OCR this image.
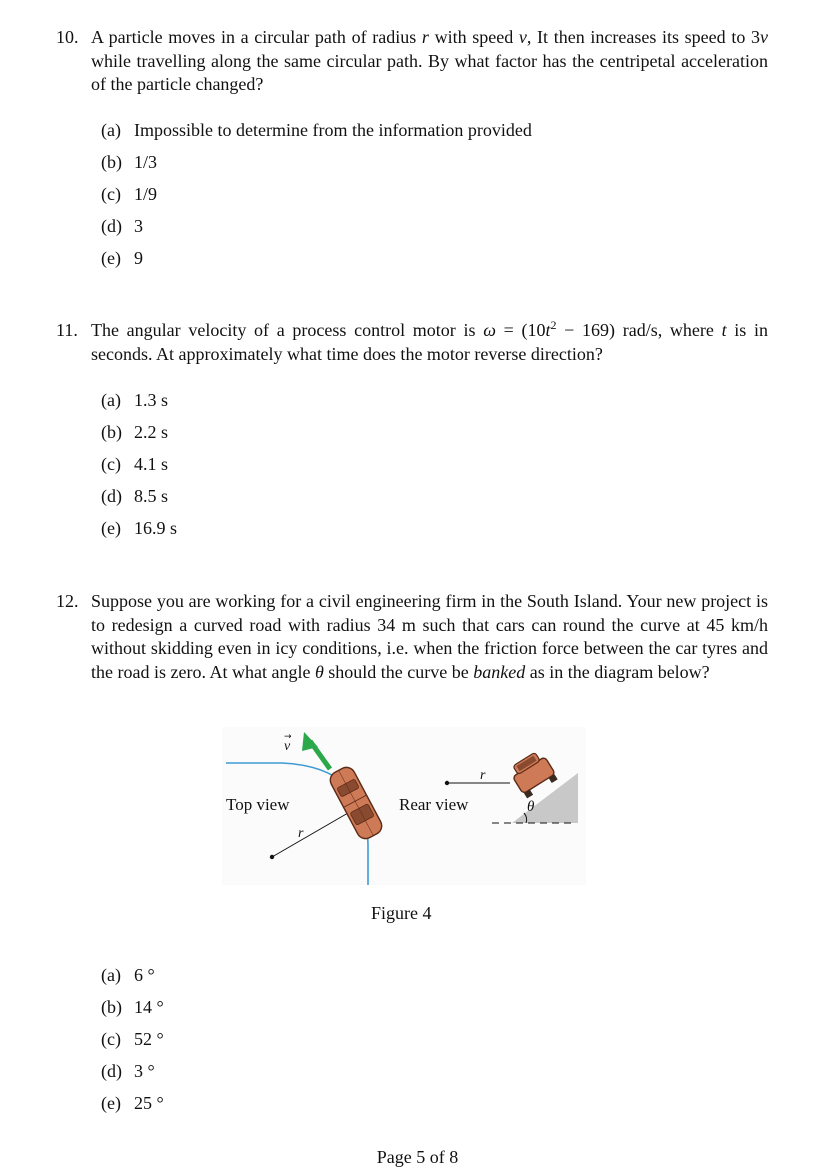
10. A particle moves in a circular path of radius r with speed v, It then increases its speed to 3v while travelling along the same circular path. By what factor has the centripetal acceleration of the particle changed?
(a) Impossible to determine from the information provided
(b) 1/3
(c) 1/9
(d) 3
(e) 9
11. The angular velocity of a process control motor is $\omega = (10t^2 - 169)$ rad/s, where t is in seconds. At approximately what time does the motor reverse direction?
(a) 1.3 s
(b) 2.2 s
(c) 4.1 s
(d) 8.5 s
(e) 16.9 s
12. Suppose you are working for a civil engineering firm in the South Island. Your new project is to redesign a curved road with radius 34 m such that cars can round the curve at 45 km/h without skidding even in icy conditions, i.e. when the friction force between the car tyres and the road is zero. At what angle θ should the curve be banked as in the diagram below?
Top view	Rear view
v
→
r
r
θ
Figure 4
(a) 6 °
(b) 14 °
(c) 52 °
(d) 3 °
(e) 25 °
Page 5 of 8
